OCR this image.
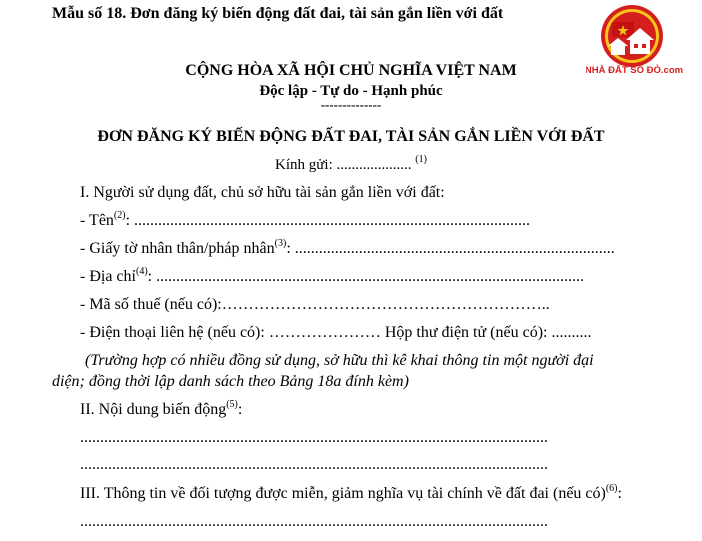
Mẫu số 18. Đơn đăng ký biến động đất đai, tài sản gắn liền với đất
NHÀ ĐẤT SỔ ĐỎ.com
CỘNG HÒA XÃ HỘI CHỦ NGHĨA VIỆT NAM
Độc lập - Tự do - Hạnh phúc
--------------
ĐƠN ĐĂNG KÝ BIẾN ĐỘNG ĐẤT ĐAI, TÀI SẢN GẮN LIỀN VỚI ĐẤT
Kính gửi: .................... $^{(1)}$
I. Người sử dụng đất, chủ sở hữu tài sản gắn liền với đất:
- Tên$^{(2)}$: ...................................................................................................
- Giấy tờ nhân thân/pháp nhân$^{(3)}$: ................................................................................
- Địa chỉ$^{(4)}$: ...........................................................................................................
- Mã số thuế (nếu có):……………………………………………………..
- Điện thoại liên hệ (nếu có): ………………… Hộp thư điện tử (nếu có): ..........
(Trường hợp có nhiều đồng sử dụng, sở hữu thì kê khai thông tin một người đại
diện; đồng thời lập danh sách theo Bảng 18a đính kèm)
II. Nội dung biến động$^{(5)}$:
.....................................................................................................................
.....................................................................................................................
III. Thông tin về đối tượng được miễn, giảm nghĩa vụ tài chính về đất đai (nếu có)$^{(6)}$:
.....................................................................................................................
